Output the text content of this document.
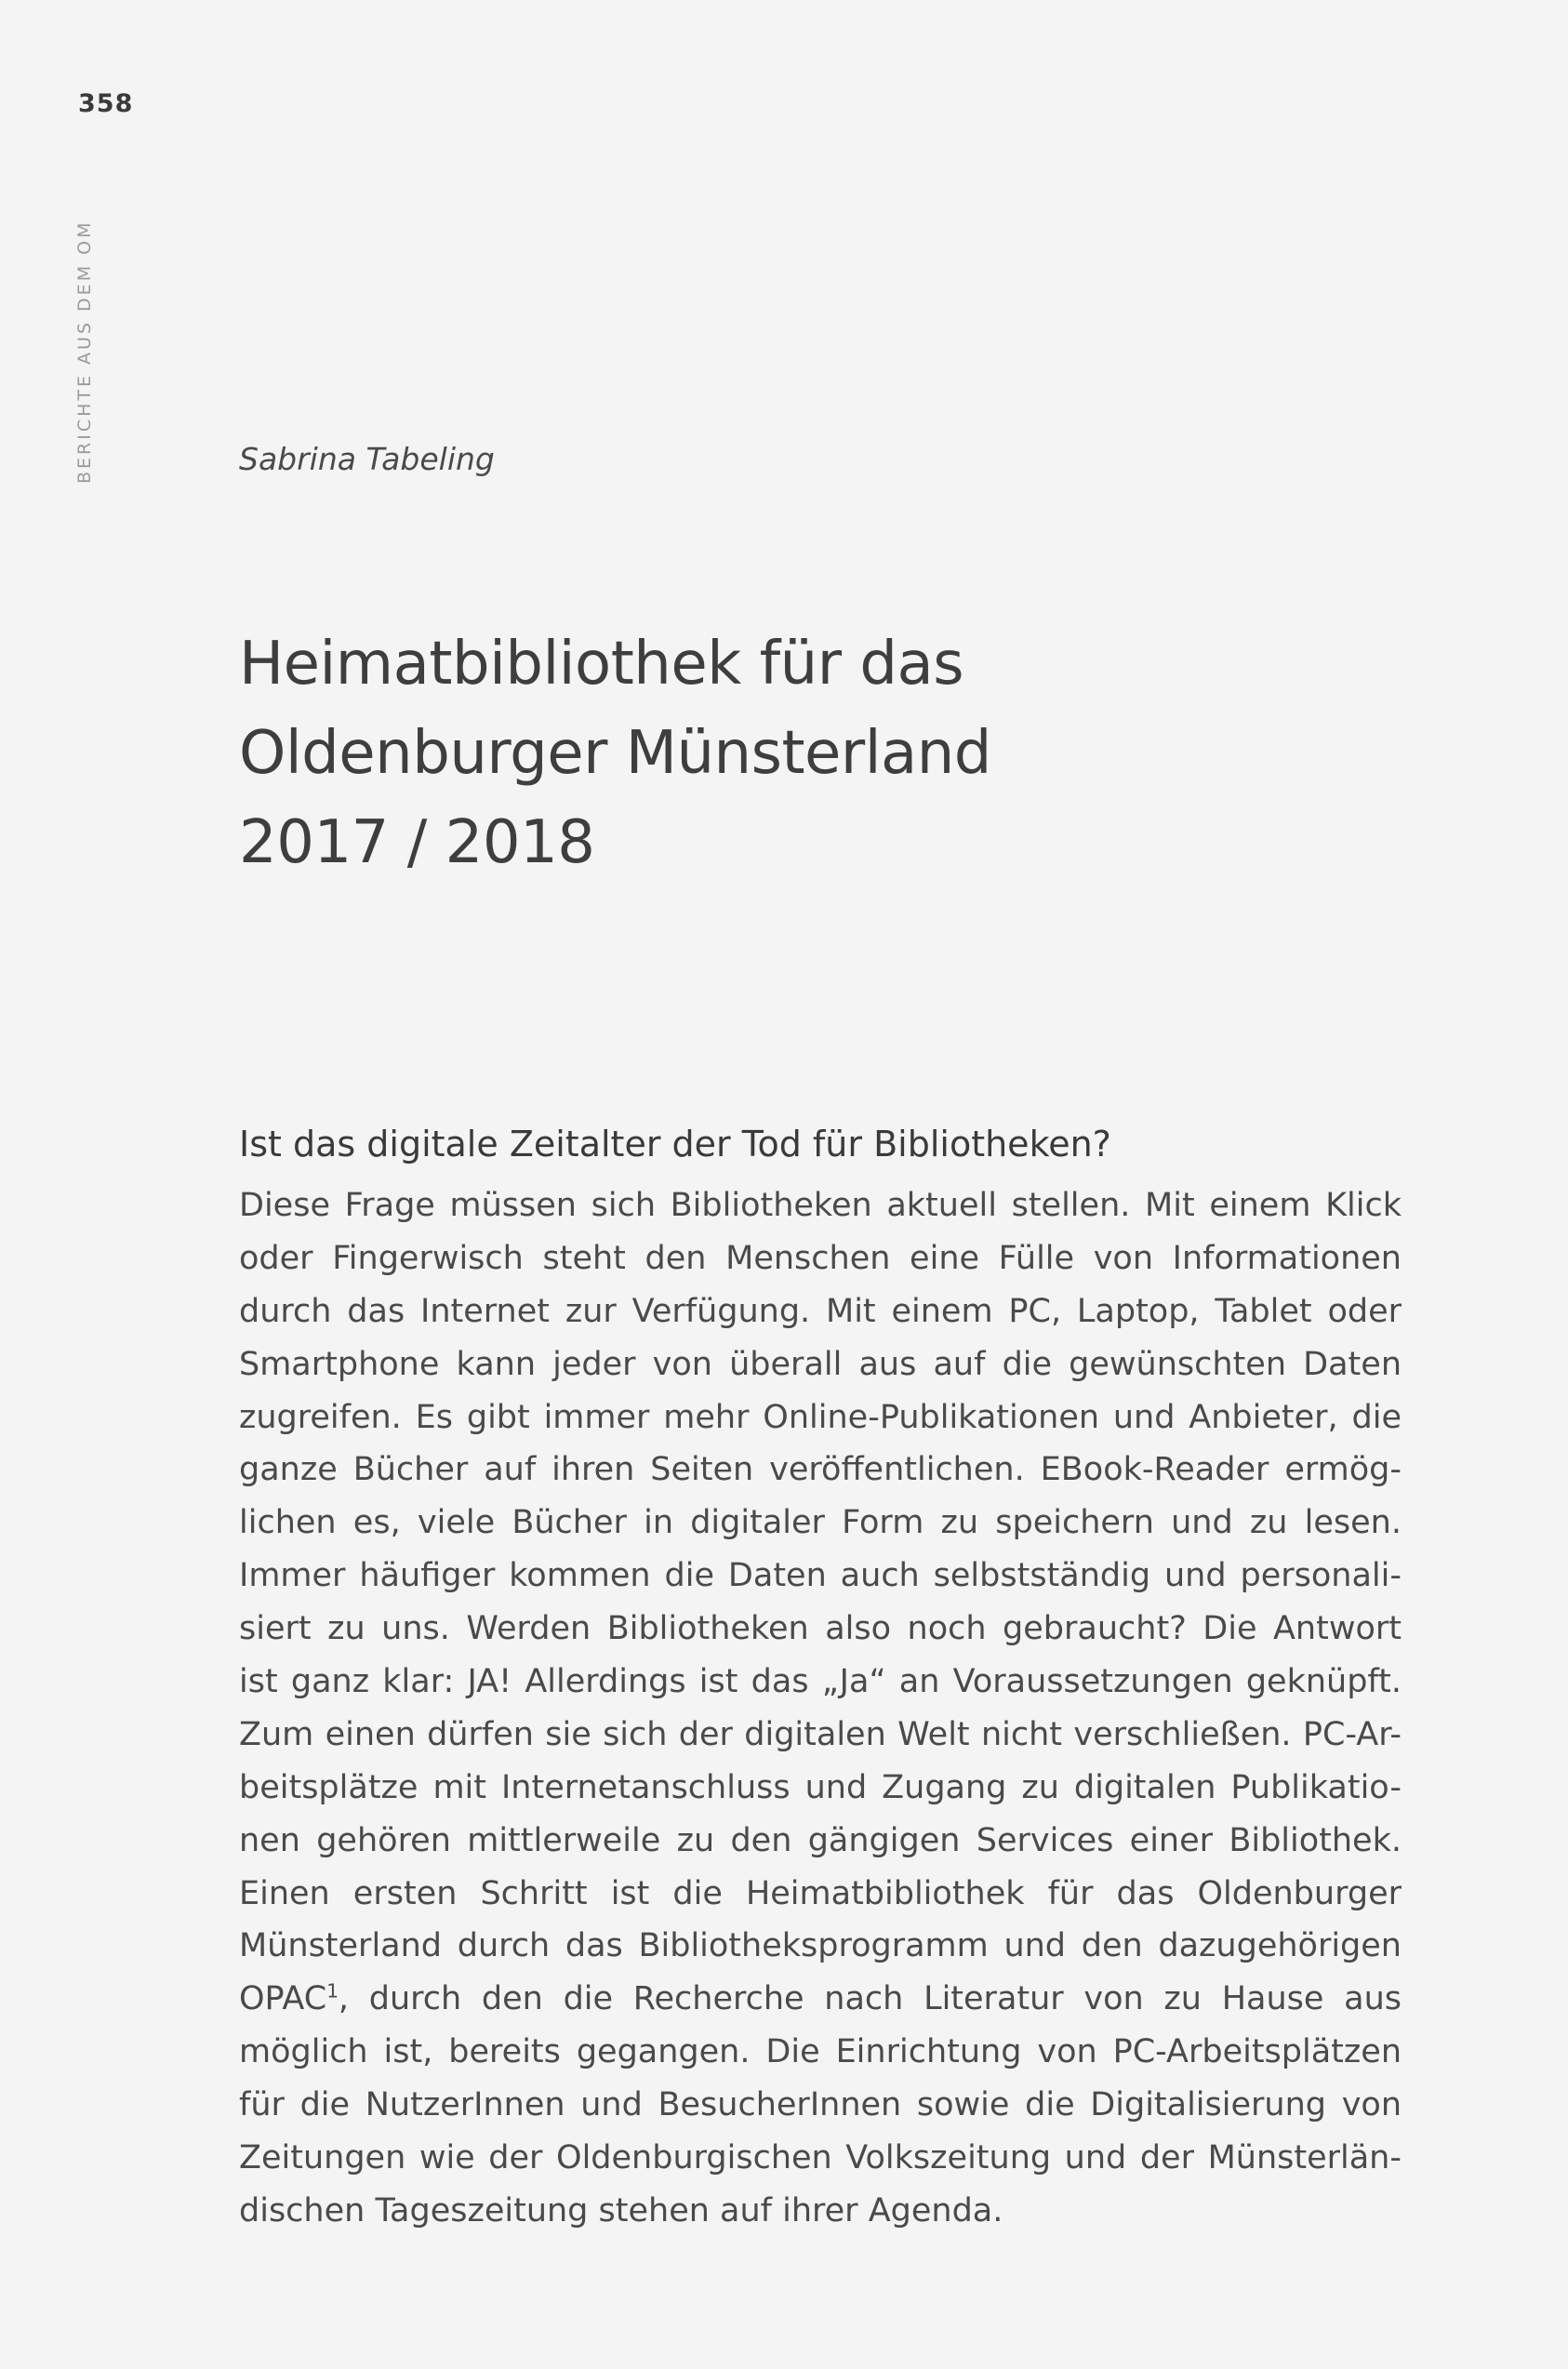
358
BERICHTE AUS DEM OM	Sabrina Tabeling
Heimatbibliothek für das
Oldenburger Münsterland
2017 / 2018
Ist das digitale Zeitalter der Tod für Bibliotheken?
Diese Frage müssen sich Bibliotheken aktuell stellen. Mit einem Klick
oder Fingerwisch steht den Menschen eine Fülle von Informationen
durch das Internet zur Verfügung. Mit einem PC, Laptop, Tablet oder
Smartphone kann jeder von überall aus auf die gewünschten Daten
zugreifen. Es gibt immer mehr Online-Publikationen und Anbieter, die
ganze Bücher auf ihren Seiten veröffentlichen. EBook-Reader ermög-
lichen es, viele Bücher in digitaler Form zu speichern und zu lesen.
Immer häufiger kommen die Daten auch selbstständig und personali-
siert zu uns. Werden Bibliotheken also noch gebraucht? Die Antwort
ist ganz klar: JA! Allerdings ist das „Ja“ an Voraussetzungen geknüpft.
Zum einen dürfen sie sich der digitalen Welt nicht verschließen. PC-Ar-
beitsplätze mit Internetanschluss und Zugang zu digitalen Publikatio-
nen gehören mittlerweile zu den gängigen Services einer Bibliothek.
Einen ersten Schritt ist die Heimatbibliothek für das Oldenburger
Münsterland durch das Bibliotheksprogramm und den dazugehörigen
OPAC$^1$, durch den die Recherche nach Literatur von zu Hause aus
möglich ist, bereits gegangen. Die Einrichtung von PC-Arbeitsplätzen
für die NutzerInnen und BesucherInnen sowie die Digitalisierung von
Zeitungen wie der Oldenburgischen Volkszeitung und der Münsterlän-
dischen Tageszeitung stehen auf ihrer Agenda.
